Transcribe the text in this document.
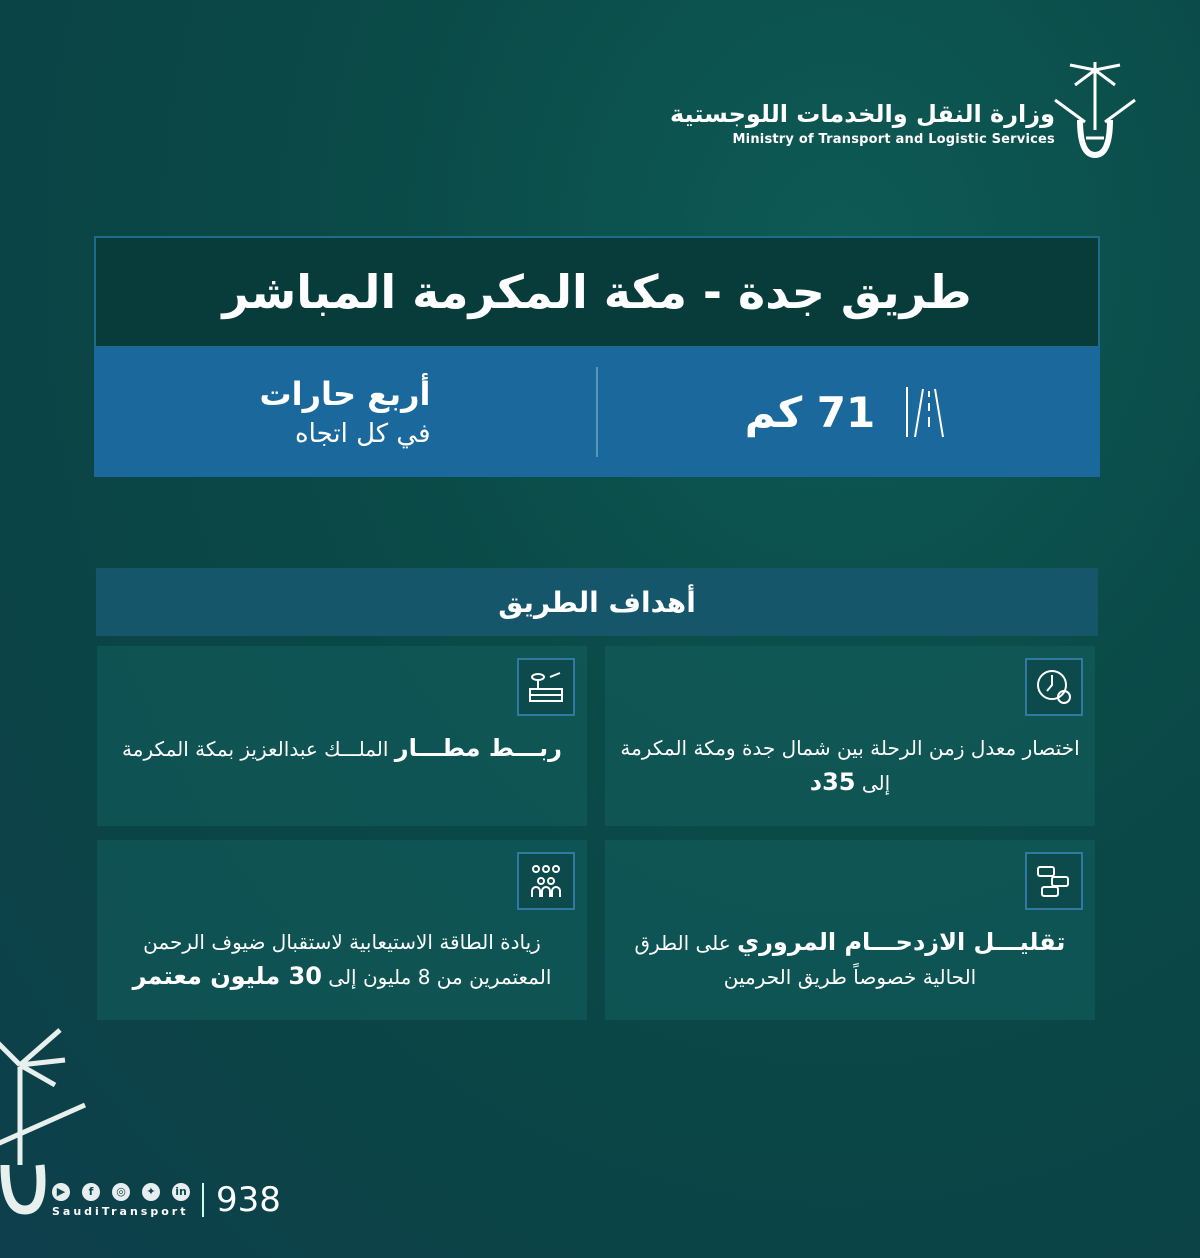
وزارة النقل والخدمات اللوجستية
Ministry of Transport and Logistic Services
طريق جدة - مكة المكرمة المباشر
71 كم
أربع حارات
في كل اتجاه
أهداف الطريق
اختصار معدل زمن الرحلة بين شمال جدة ومكة المكرمة إلى 35د
ربـــط مطـــار الملـــك عبدالعزيز بمكة المكرمة
تقليـــل الازدحـــام المروري على الطرق الحالية خصوصاً طريق الحرمين
زيادة الطاقة الاستيعابية لاستقبال ضيوف الرحمن المعتمرين من 8 مليون إلى 30 مليون معتمر
▶	f	◎	✦	in
SaudiTransport 938
